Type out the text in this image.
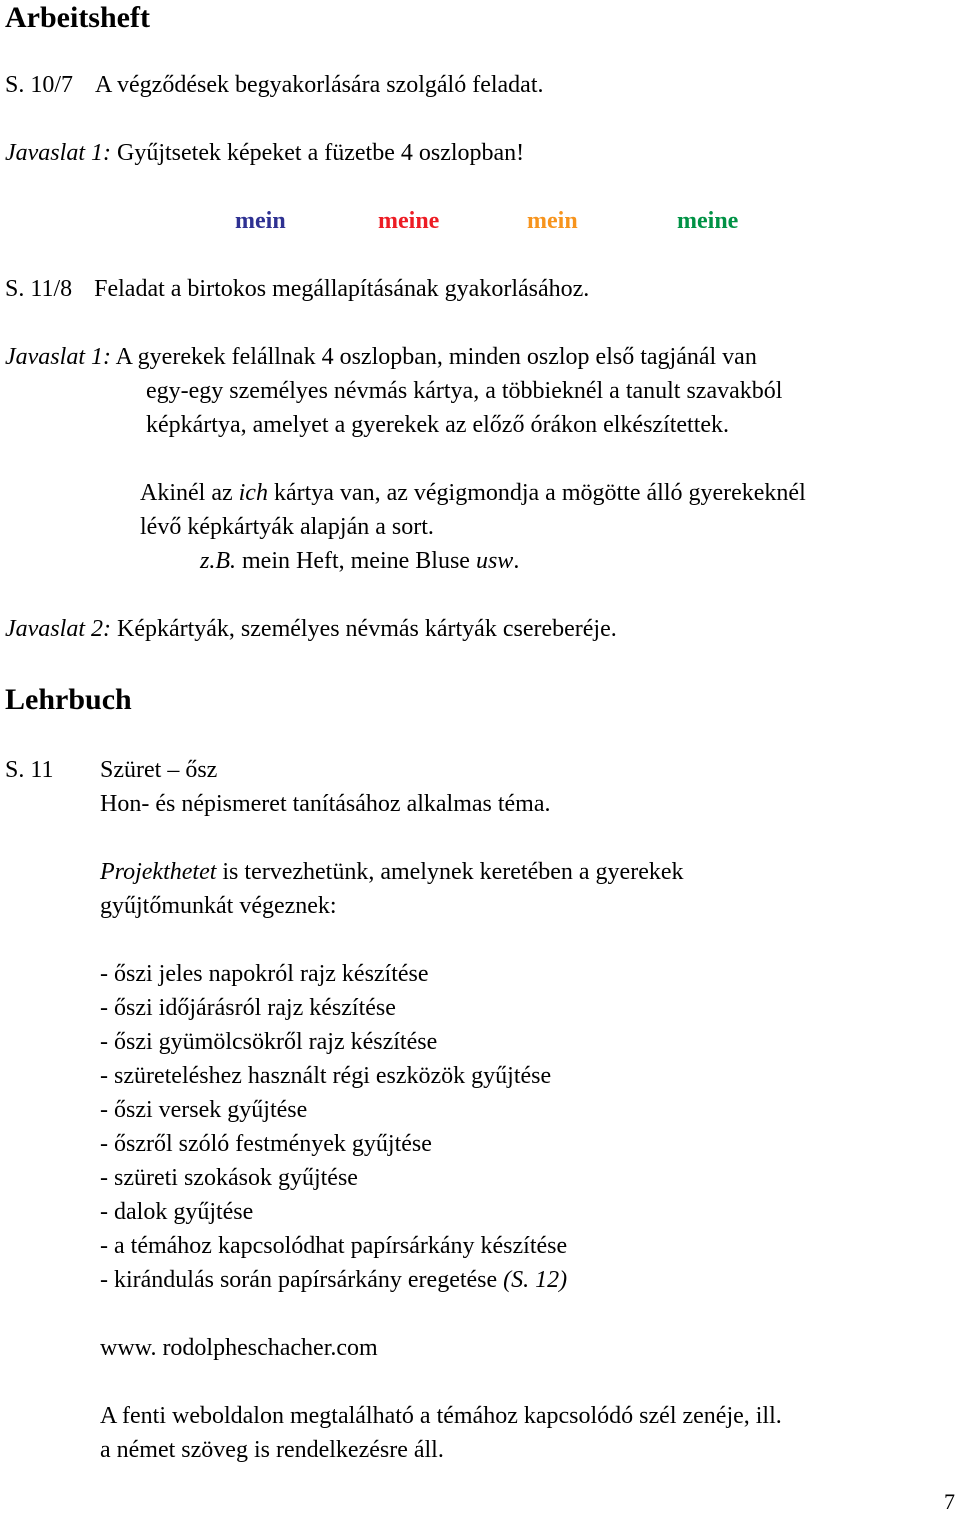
Arbeitsheft
S. 10/7 A végződések begyakorlására szolgáló feladat.
Javaslat 1: Gyűjtsetek képeket a füzetbe 4 oszlopban!
mein	meine	mein	meine
S. 11/8 Feladat a birtokos megállapításának gyakorlásához.
Javaslat 1: A gyerekek felállnak 4 oszlopban, minden oszlop első tagjánál van
egy-egy személyes névmás kártya, a többieknél a tanult szavakból
képkártya, amelyet a gyerekek az előző órákon elkészítettek.
Akinél az ich kártya van, az végigmondja a mögötte álló gyerekeknél
lévő képkártyák alapján a sort.
z.B. mein Heft, meine Bluse usw.
Javaslat 2: Képkártyák, személyes névmás kártyák csereberéje.
Lehrbuch
S. 11 Szüret – ősz
Hon- és népismeret tanításához alkalmas téma.
Projekthetet is tervezhetünk, amelynek keretében a gyerekek
gyűjtőmunkát végeznek:
- őszi jeles napokról rajz készítése
- őszi időjárásról rajz készítése
- őszi gyümölcsökről rajz készítése
- szüreteléshez használt régi eszközök gyűjtése
- őszi versek gyűjtése
- őszről szóló festmények gyűjtése
- szüreti szokások gyűjtése
- dalok gyűjtése
- a témához kapcsolódhat papírsárkány készítése
- kirándulás során papírsárkány eregetése (S. 12)
www. rodolpheschacher.com
A fenti weboldalon megtalálható a témához kapcsolódó szél zenéje, ill.
a német szöveg is rendelkezésre áll.
7
